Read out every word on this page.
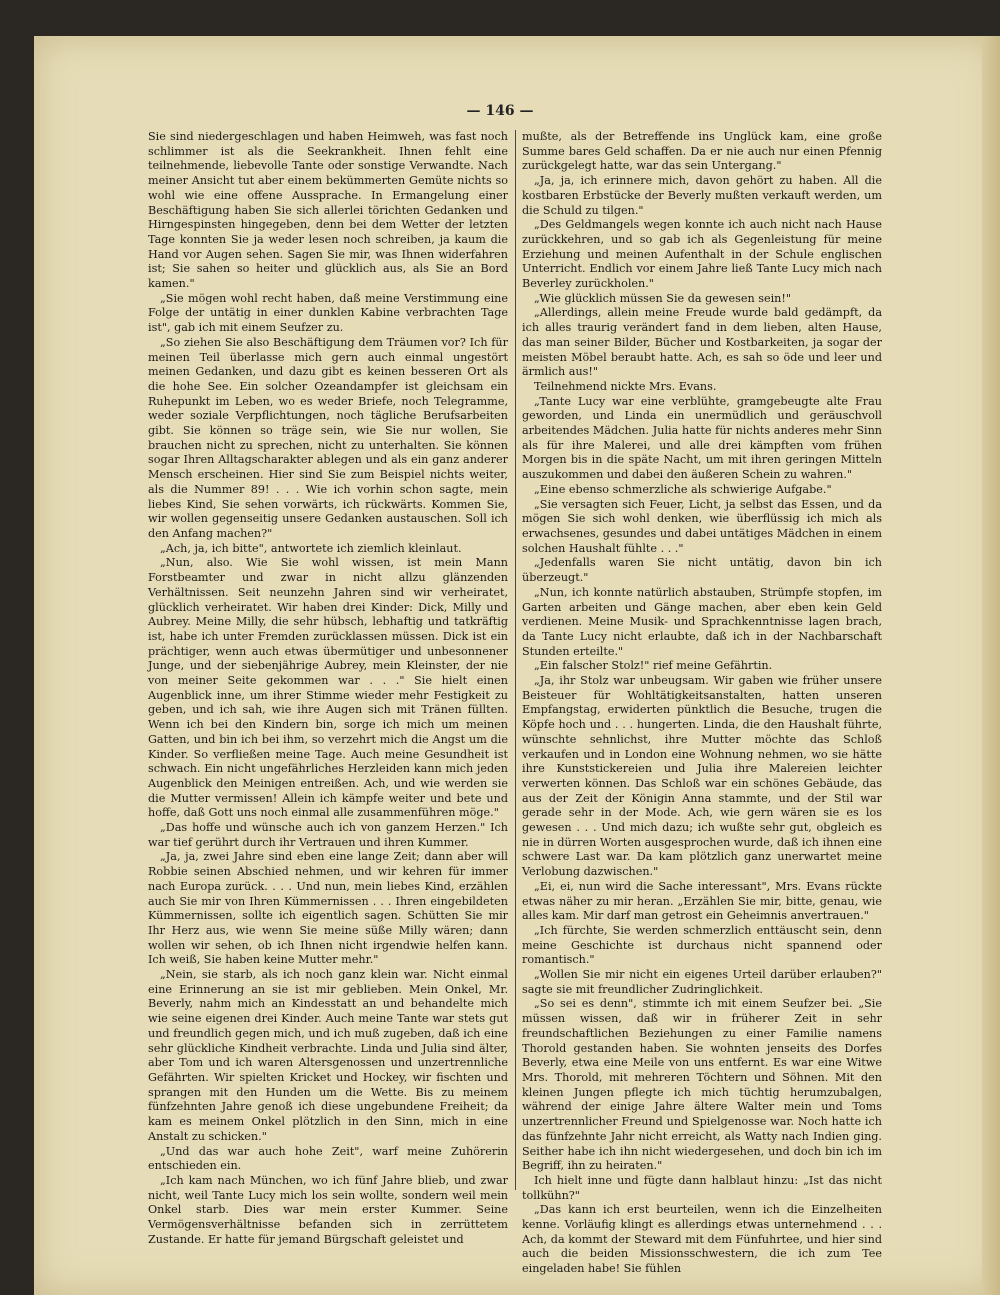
— 146 —

Sie sind niedergeschlagen und haben Heimweh, was fast noch schlimmer ist als die Seekrankheit. Ihnen fehlt eine teilnehmende, liebevolle Tante oder sonstige Verwandte. Nach meiner Ansicht tut aber einem bekümmerten Gemüte nichts so wohl wie eine offene Aussprache. In Ermangelung einer Beschäftigung haben Sie sich allerlei törichten Gedanken und Hirngespinsten hingegeben, denn bei dem Wetter der letzten Tage konnten Sie ja weder lesen noch schreiben, ja kaum die Hand vor Augen sehen. Sagen Sie mir, was Ihnen widerfahren ist; Sie sahen so heiter und glücklich aus, als Sie an Bord kamen."

„Sie mögen wohl recht haben, daß meine Verstimmung eine Folge der untätig in einer dunklen Kabine verbrachten Tage ist", gab ich mit einem Seufzer zu.

„So ziehen Sie also Beschäftigung dem Träumen vor? Ich für meinen Teil überlasse mich gern auch einmal ungestört meinen Gedanken, und dazu gibt es keinen besseren Ort als die hohe See. Ein solcher Ozeandampfer ist gleichsam ein Ruhepunkt im Leben, wo es weder Briefe, noch Telegramme, weder soziale Verpflichtungen, noch tägliche Berufsarbeiten gibt. Sie können so träge sein, wie Sie nur wollen, Sie brauchen nicht zu sprechen, nicht zu unterhalten. Sie können sogar Ihren Alltagscharakter ablegen und als ein ganz anderer Mensch erscheinen. Hier sind Sie zum Beispiel nichts weiter, als die Nummer 89! . . . Wie ich vorhin schon sagte, mein liebes Kind, Sie sehen vorwärts, ich rückwärts. Kommen Sie, wir wollen gegenseitig unsere Gedanken austauschen. Soll ich den Anfang machen?"

„Ach, ja, ich bitte", antwortete ich ziemlich kleinlaut.

„Nun, also. Wie Sie wohl wissen, ist mein Mann Forstbeamter und zwar in nicht allzu glänzenden Verhältnissen. Seit neunzehn Jahren sind wir verheiratet, glücklich verheiratet. Wir haben drei Kinder: Dick, Milly und Aubrey. Meine Milly, die sehr hübsch, lebhaftig und tatkräftig ist, habe ich unter Fremden zurücklassen müssen. Dick ist ein prächtiger, wenn auch etwas übermütiger und unbesonnener Junge, und der siebenjährige Aubrey, mein Kleinster, der nie von meiner Seite gekommen war . . ." Sie hielt einen Augenblick inne, um ihrer Stimme wieder mehr Festigkeit zu geben, und ich sah, wie ihre Augen sich mit Tränen füllten. Wenn ich bei den Kindern bin, sorge ich mich um meinen Gatten, und bin ich bei ihm, so verzehrt mich die Angst um die Kinder. So verfließen meine Tage. Auch meine Gesundheit ist schwach. Ein nicht ungefährliches Herzleiden kann mich jeden Augenblick den Meinigen entreißen. Ach, und wie werden sie die Mutter vermissen! Allein ich kämpfe weiter und bete und hoffe, daß Gott uns noch einmal alle zusammenführen möge."

„Das hoffe und wünsche auch ich von ganzem Herzen." Ich war tief gerührt durch ihr Vertrauen und ihren Kummer.

„Ja, ja, zwei Jahre sind eben eine lange Zeit; dann aber will Robbie seinen Abschied nehmen, und wir kehren für immer nach Europa zurück. . . . Und nun, mein liebes Kind, erzählen auch Sie mir von Ihren Kümmernissen . . . Ihren eingebildeten Kümmernissen, sollte ich eigentlich sagen. Schütten Sie mir Ihr Herz aus, wie wenn Sie meine süße Milly wären; dann wollen wir sehen, ob ich Ihnen nicht irgendwie helfen kann. Ich weiß, Sie haben keine Mutter mehr."

„Nein, sie starb, als ich noch ganz klein war. Nicht einmal eine Erinnerung an sie ist mir geblieben. Mein Onkel, Mr. Beverly, nahm mich an Kindesstatt an und behandelte mich wie seine eigenen drei Kinder. Auch meine Tante war stets gut und freundlich gegen mich, und ich muß zugeben, daß ich eine sehr glückliche Kindheit verbrachte. Linda und Julia sind älter, aber Tom und ich waren Altersgenossen und unzertrennliche Gefährten. Wir spielten Kricket und Hockey, wir fischten und sprangen mit den Hunden um die Wette. Bis zu meinem fünfzehnten Jahre genoß ich diese ungebundene Freiheit; da kam es meinem Onkel plötzlich in den Sinn, mich in eine Anstalt zu schicken."

„Und das war auch hohe Zeit", warf meine Zuhörerin entschieden ein.

„Ich kam nach München, wo ich fünf Jahre blieb, und zwar nicht, weil Tante Lucy mich los sein wollte, sondern weil mein Onkel starb. Dies war mein erster Kummer. Seine Vermögensverhältnisse befanden sich in zerrüttetem Zustande. Er hatte für jemand Bürgschaft geleistet und

mußte, als der Betreffende ins Unglück kam, eine große Summe bares Geld schaffen. Da er nie auch nur einen Pfennig zurückgelegt hatte, war das sein Untergang."

„Ja, ja, ich erinnere mich, davon gehört zu haben. All die kostbaren Erbstücke der Beverly mußten verkauft werden, um die Schuld zu tilgen."

„Des Geldmangels wegen konnte ich auch nicht nach Hause zurückkehren, und so gab ich als Gegenleistung für meine Erziehung und meinen Aufenthalt in der Schule englischen Unterricht. Endlich vor einem Jahre ließ Tante Lucy mich nach Beverley zurückholen."

„Wie glücklich müssen Sie da gewesen sein!"

„Allerdings, allein meine Freude wurde bald gedämpft, da ich alles traurig verändert fand in dem lieben, alten Hause, das man seiner Bilder, Bücher und Kostbarkeiten, ja sogar der meisten Möbel beraubt hatte. Ach, es sah so öde und leer und ärmlich aus!"

Teilnehmend nickte Mrs. Evans.

„Tante Lucy war eine verblühte, gramgebeugte alte Frau geworden, und Linda ein unermüdlich und geräuschvoll arbeitendes Mädchen. Julia hatte für nichts anderes mehr Sinn als für ihre Malerei, und alle drei kämpften vom frühen Morgen bis in die späte Nacht, um mit ihren geringen Mitteln auszukommen und dabei den äußeren Schein zu wahren."

„Eine ebenso schmerzliche als schwierige Aufgabe."

„Sie versagten sich Feuer, Licht, ja selbst das Essen, und da mögen Sie sich wohl denken, wie überflüssig ich mich als erwachsenes, gesundes und dabei untätiges Mädchen in einem solchen Haushalt fühlte . . ."

„Jedenfalls waren Sie nicht untätig, davon bin ich überzeugt."

„Nun, ich konnte natürlich abstauben, Strümpfe stopfen, im Garten arbeiten und Gänge machen, aber eben kein Geld verdienen. Meine Musik- und Sprachkenntnisse lagen brach, da Tante Lucy nicht erlaubte, daß ich in der Nachbarschaft Stunden erteilte."

„Ein falscher Stolz!" rief meine Gefährtin.

„Ja, ihr Stolz war unbeugsam. Wir gaben wie früher unsere Beisteuer für Wohltätigkeitsanstalten, hatten unseren Empfangstag, erwiderten pünktlich die Besuche, trugen die Köpfe hoch und . . . hungerten. Linda, die den Haushalt führte, wünschte sehnlichst, ihre Mutter möchte das Schloß verkaufen und in London eine Wohnung nehmen, wo sie hätte ihre Kunststickereien und Julia ihre Malereien leichter verwerten können. Das Schloß war ein schönes Gebäude, das aus der Zeit der Königin Anna stammte, und der Stil war gerade sehr in der Mode. Ach, wie gern wären sie es los gewesen . . . Und mich dazu; ich wußte sehr gut, obgleich es nie in dürren Worten ausgesprochen wurde, daß ich ihnen eine schwere Last war. Da kam plötzlich ganz unerwartet meine Verlobung dazwischen."

„Ei, ei, nun wird die Sache interessant", Mrs. Evans rückte etwas näher zu mir heran. „Erzählen Sie mir, bitte, genau, wie alles kam. Mir darf man getrost ein Geheimnis anvertrauen."

„Ich fürchte, Sie werden schmerzlich enttäuscht sein, denn meine Geschichte ist durchaus nicht spannend oder romantisch."

„Wollen Sie mir nicht ein eigenes Urteil darüber erlauben?" sagte sie mit freundlicher Zudringlichkeit.

„So sei es denn", stimmte ich mit einem Seufzer bei. „Sie müssen wissen, daß wir in früherer Zeit in sehr freundschaftlichen Beziehungen zu einer Familie namens Thorold gestanden haben. Sie wohnten jenseits des Dorfes Beverly, etwa eine Meile von uns entfernt. Es war eine Witwe Mrs. Thorold, mit mehreren Töchtern und Söhnen. Mit den kleinen Jungen pflegte ich mich tüchtig herumzubalgen, während der einige Jahre ältere Walter mein und Toms unzertrennlicher Freund und Spielgenosse war. Noch hatte ich das fünfzehnte Jahr nicht erreicht, als Watty nach Indien ging. Seither habe ich ihn nicht wiedergesehen, und doch bin ich im Begriff, ihn zu heiraten."

Ich hielt inne und fügte dann halblaut hinzu: „Ist das nicht tollkühn?"

„Das kann ich erst beurteilen, wenn ich die Einzelheiten kenne. Vorläufig klingt es allerdings etwas unternehmend . . . Ach, da kommt der Steward mit dem Fünfuhrtee, und hier sind auch die beiden Missionsschwestern, die ich zum Tee eingeladen habe! Sie fühlen
